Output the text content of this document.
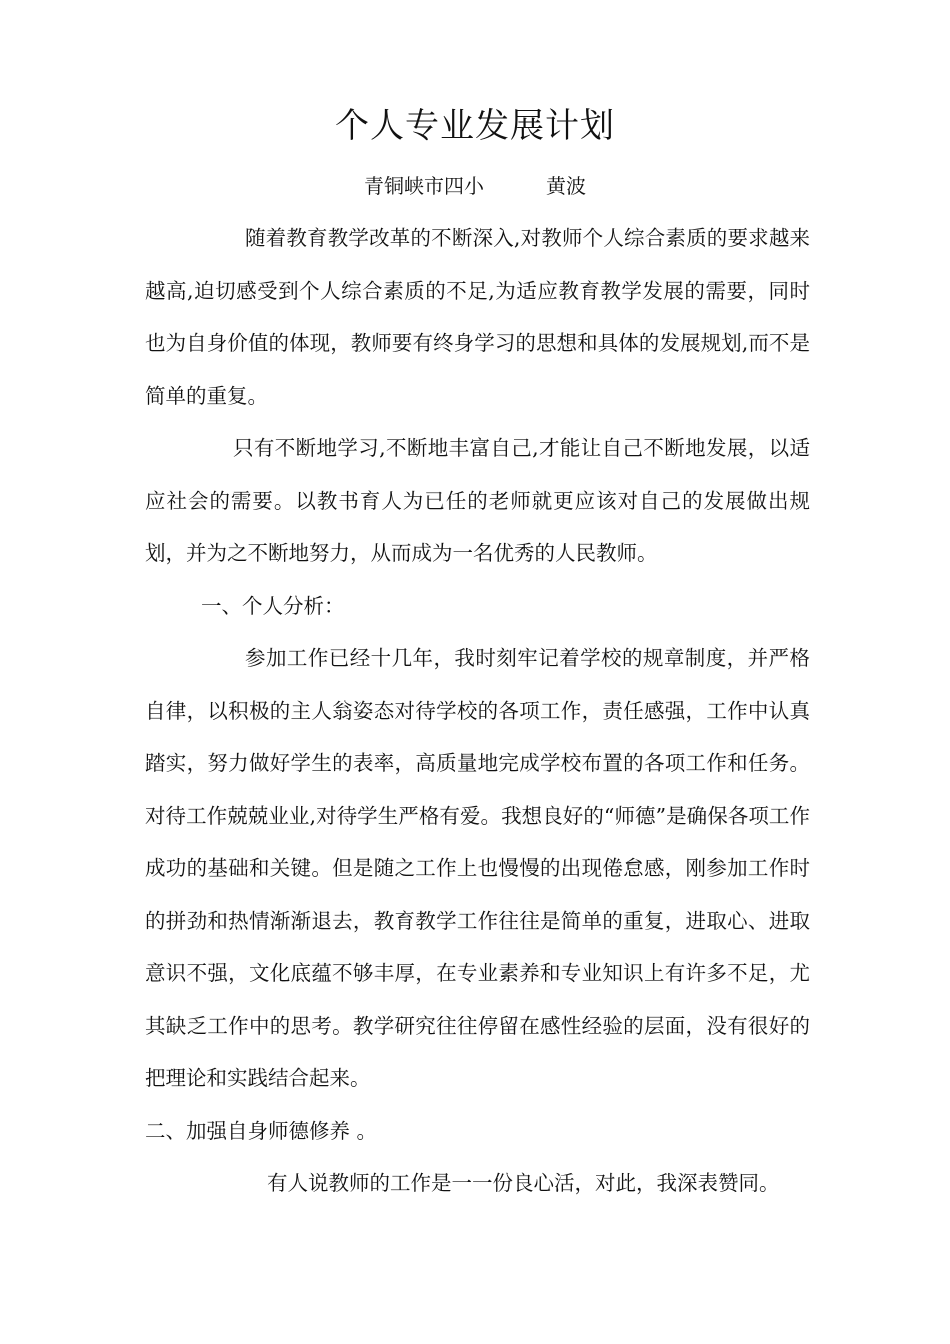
个人专业发展计划
青铜峡市四小	黄波

随着教育教学改革的不断深入,对教师个人综合素质的要求越来越高,迫切感受到个人综合素质的不足,为适应教育教学发展的需要，同时也为自身价值的体现，教师要有终身学习的思想和具体的发展规划,而不是简单的重复。

只有不断地学习,不断地丰富自己,才能让自己不断地发展，以适应社会的需要。以教书育人为已任的老师就更应该对自己的发展做出规划，并为之不断地努力，从而成为一名优秀的人民教师。

一、个人分析：

参加工作已经十几年，我时刻牢记着学校的规章制度，并严格自律，以积极的主人翁姿态对待学校的各项工作，责任感强，工作中认真踏实，努力做好学生的表率，高质量地完成学校布置的各项工作和任务。对待工作兢兢业业,对待学生严格有爱。我想良好的“师德”是确保各项工作成功的基础和关键。但是随之工作上也慢慢的出现倦怠感，刚参加工作时的拼劲和热情渐渐退去，教育教学工作往往是简单的重复，进取心、进取意识不强，文化底蕴不够丰厚，在专业素养和专业知识上有许多不足，尤其缺乏工作中的思考。教学研究往往停留在感性经验的层面，没有很好的把理论和实践结合起来。

二、加强自身师德修养 。

有人说教师的工作是一一份良心活，对此，我深表赞同。
